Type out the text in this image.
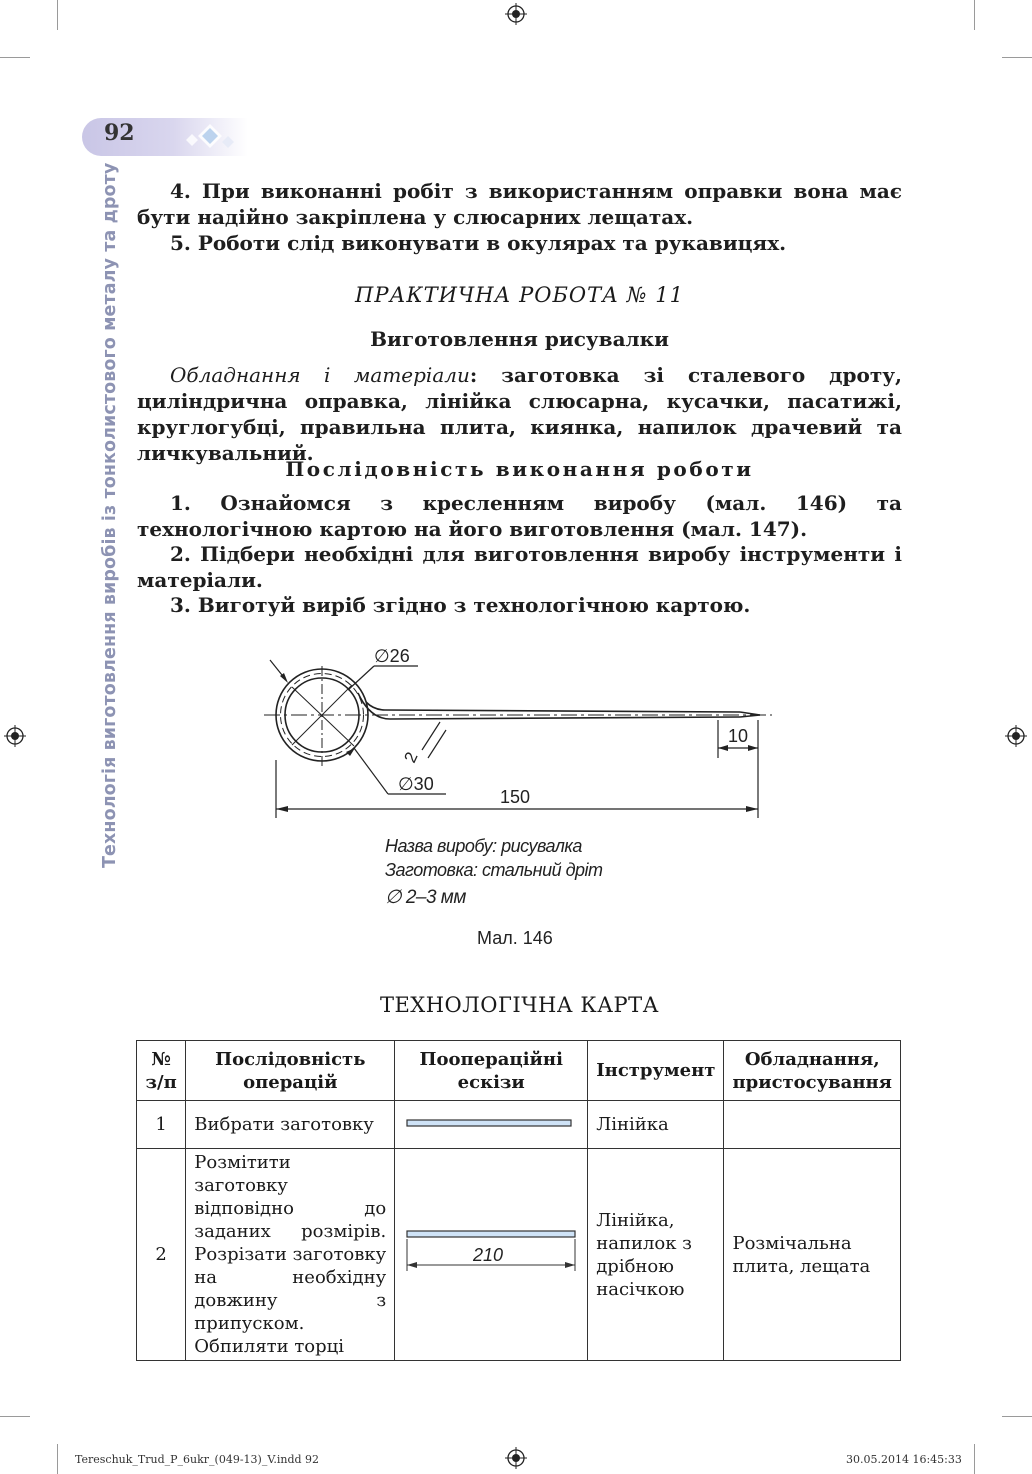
92
Технологія виготовлення виробів із тонколистового металу та дроту	4. При виконанні робіт з використанням оправки вона має бути надійно закріплена у слюсарних лещатах.
5. Роботи слід виконувати в окулярах та рукавицях.
ПРАКТИЧНА РОБОТА № 11
Виготовлення рисувалки
Обладнання і матеріали: заготовка зі сталевого дроту, циліндрична оправка, лінійка слюсарна, кусачки, пасатижі, круглогубці, правильна плита, киянка, напилок драчевий та личкувальний.
Послідовність виконання роботи
1. Ознайомся з кресленням виробу (мал. 146) та технологічною картою на його виготовлення (мал. 147).
2. Підбери необхідні для виготовлення виробу інструменти і матеріали.
3. Виготуй виріб згідно з технологічною картою.
∅26
∅30
2
10
150
Назва виробу: рисувалка
Заготовка: стальний дріт
∅ 2–3 мм
Мал. 146
ТЕХНОЛОГІЧНА КАРТА
№ з/п	Послідовність операцій	Пооперацiйнi ескiзи	Інструмент	Обладнання, пристосування
1	Вибрати заготовку		Лінійка	
2	Розмітити заготовку відповідно до заданих розмірів. Розрізати заготовку на необхідну довжину з припуском. Обпиляти торці	210	Лінійка, напилок з дрібною насічкою	Розмічальна плита, лещата
Tereschuk_Trud_P_6ukr_(049-13)_V.indd 92	30.05.2014 16:45:33
